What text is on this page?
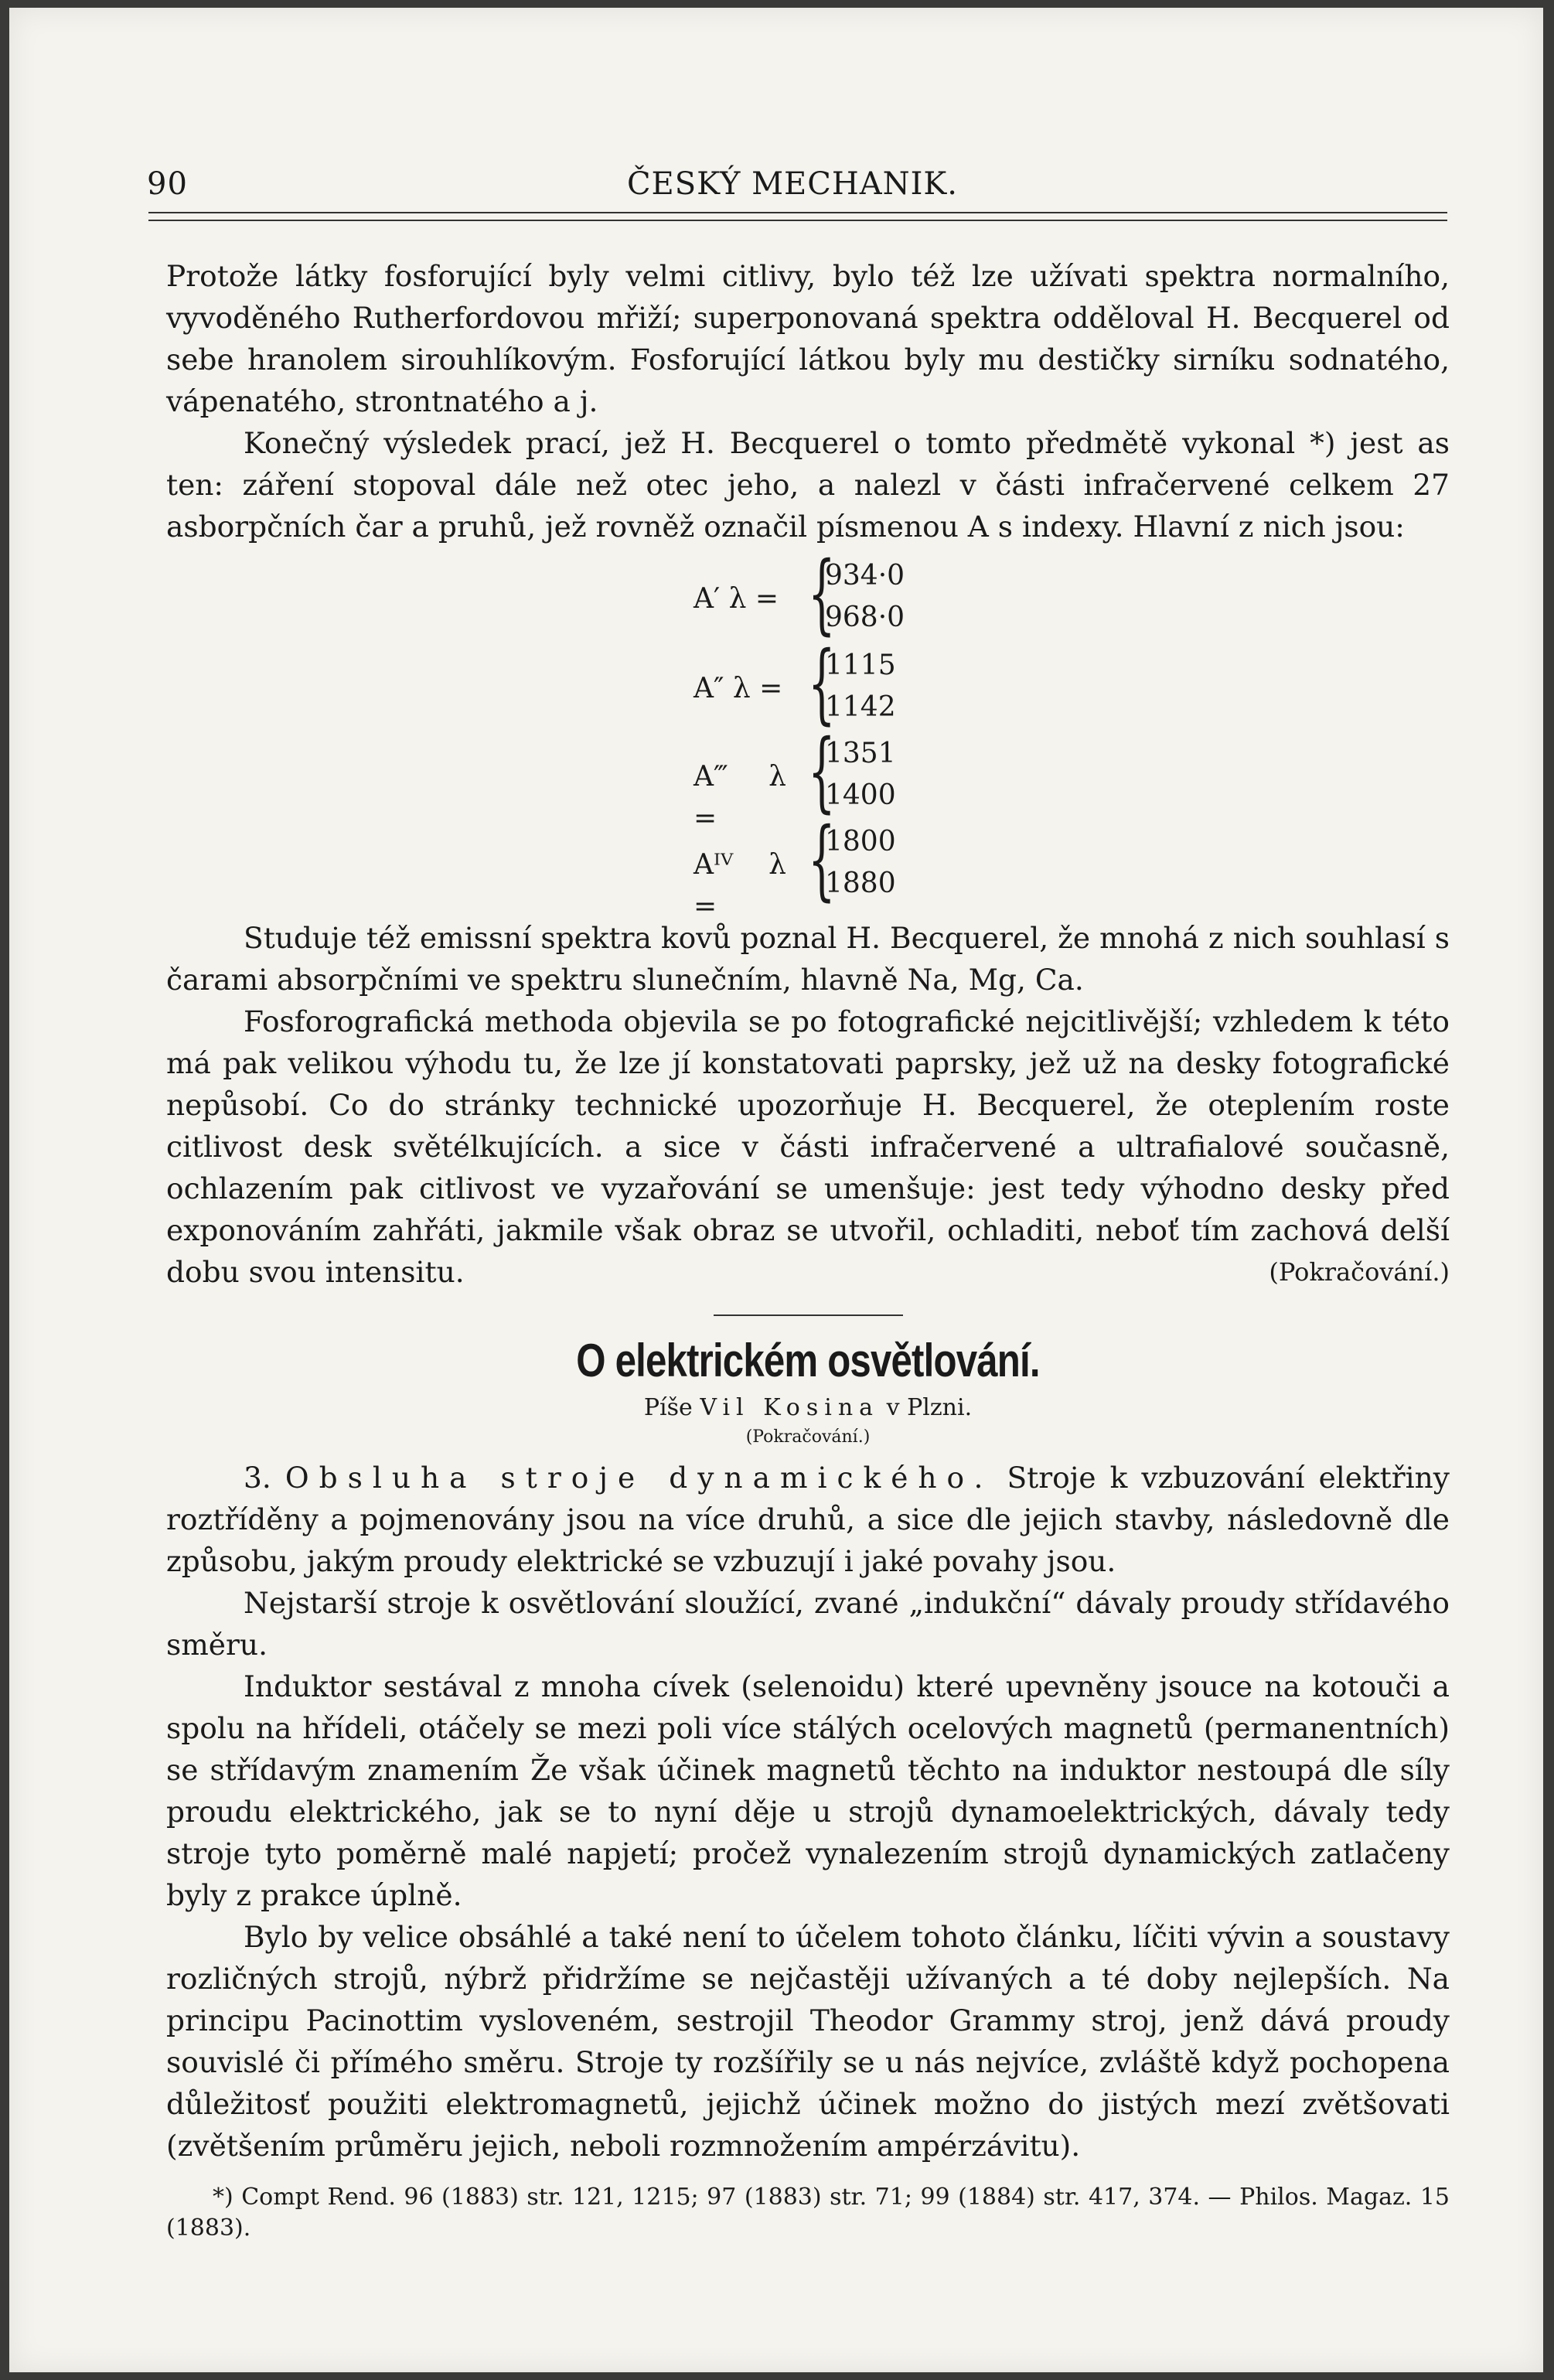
90	ČESKÝ MECHANIK.

Protože látky fosforující byly velmi citlivy, bylo též lze užívati spektra normalního, vyvoděného Rutherfordovou mřiží; superponovaná spektra odděloval H. Becquerel od sebe hranolem sirouhlíkovým. Fosforující látkou byly mu destičky sirníku sodnatého, vápenatého, strontnatého a j.

Konečný výsledek prací, jež H. Becquerel o tomto předmětě vykonal *) jest as ten: záření stopoval dále než otec jeho, a nalezl v části infračervené celkem 27 asborpčních čar a pruhů, jež rovněž označil písmenou A s indexy. Hlavní z nich jsou:

A′ λ = {
934·0
968·0
A″ λ = {
1115
1142
A‴ λ =	{
1351
1400
Aᴵⱽ λ =	{
1800
1880

Studuje též emissní spektra kovů poznal H. Becquerel, že mnohá z nich souhlasí s čarami absorpčními ve spektru slunečním, hlavně Na, Mg, Ca.

Fosforografická methoda objevila se po fotografické nejcitlivější; vzhledem k této má pak velikou výhodu tu, že lze jí konstatovati paprsky, jež už na desky fotografické nepůsobí. Co do stránky technické upozorňuje H. Becquerel, že oteplením roste citlivost desk světélkujících. a sice v části infračervené a ultrafialové současně, ochlazením pak citlivost ve vyzařování se umenšuje: jest tedy výhodno desky před exponováním zahřáti, jakmile však obraz se utvořil, ochladiti, neboť tím zachová delší dobu svou intensitu.	(Pokračování.)
O elektrickém osvětlování.
Píše Vil Kosina v Plzni.
(Pokračování.)

3. Obsluha stroje dynamického. Stroje k vzbuzování elektřiny roztříděny a pojmenovány jsou na více druhů, a sice dle jejich stavby, následovně dle způsobu, jakým proudy elektrické se vzbuzují i jaké povahy jsou.

Nejstarší stroje k osvětlování sloužící, zvané „indukční“ dávaly proudy střídavého směru.

Induktor sestával z mnoha cívek (selenoidu) které upevněny jsouce na kotouči a spolu na hřídeli, otáčely se mezi poli více stálých ocelových magnetů (permanentních) se střídavým znamením Že však účinek magnetů těchto na induktor nestoupá dle síly proudu elektrického, jak se to nyní děje u strojů dynamoelektrických, dávaly tedy stroje tyto poměrně malé napjetí; pročež vynalezením strojů dynamických zatlačeny byly z prakce úplně.

Bylo by velice obsáhlé a také není to účelem tohoto článku, líčiti vývin a soustavy rozličných strojů, nýbrž přidržíme se nejčastěji užívaných a té doby nejlepších. Na principu Pacinottim vysloveném, sestrojil Theodor Grammy stroj, jenž dává proudy souvislé či přímého směru. Stroje ty rozšířily se u nás nejvíce, zvláště když pochopena důležitosť použiti elektromagnetů, jejichž účinek možno do jistých mezí zvětšovati (zvětšením průměru jejich, neboli rozmnožením ampérzávitu).

*) Compt Rend. 96 (1883) str. 121, 1215; 97 (1883) str. 71; 99 (1884) str. 417, 374. — Philos. Magaz. 15 (1883).
